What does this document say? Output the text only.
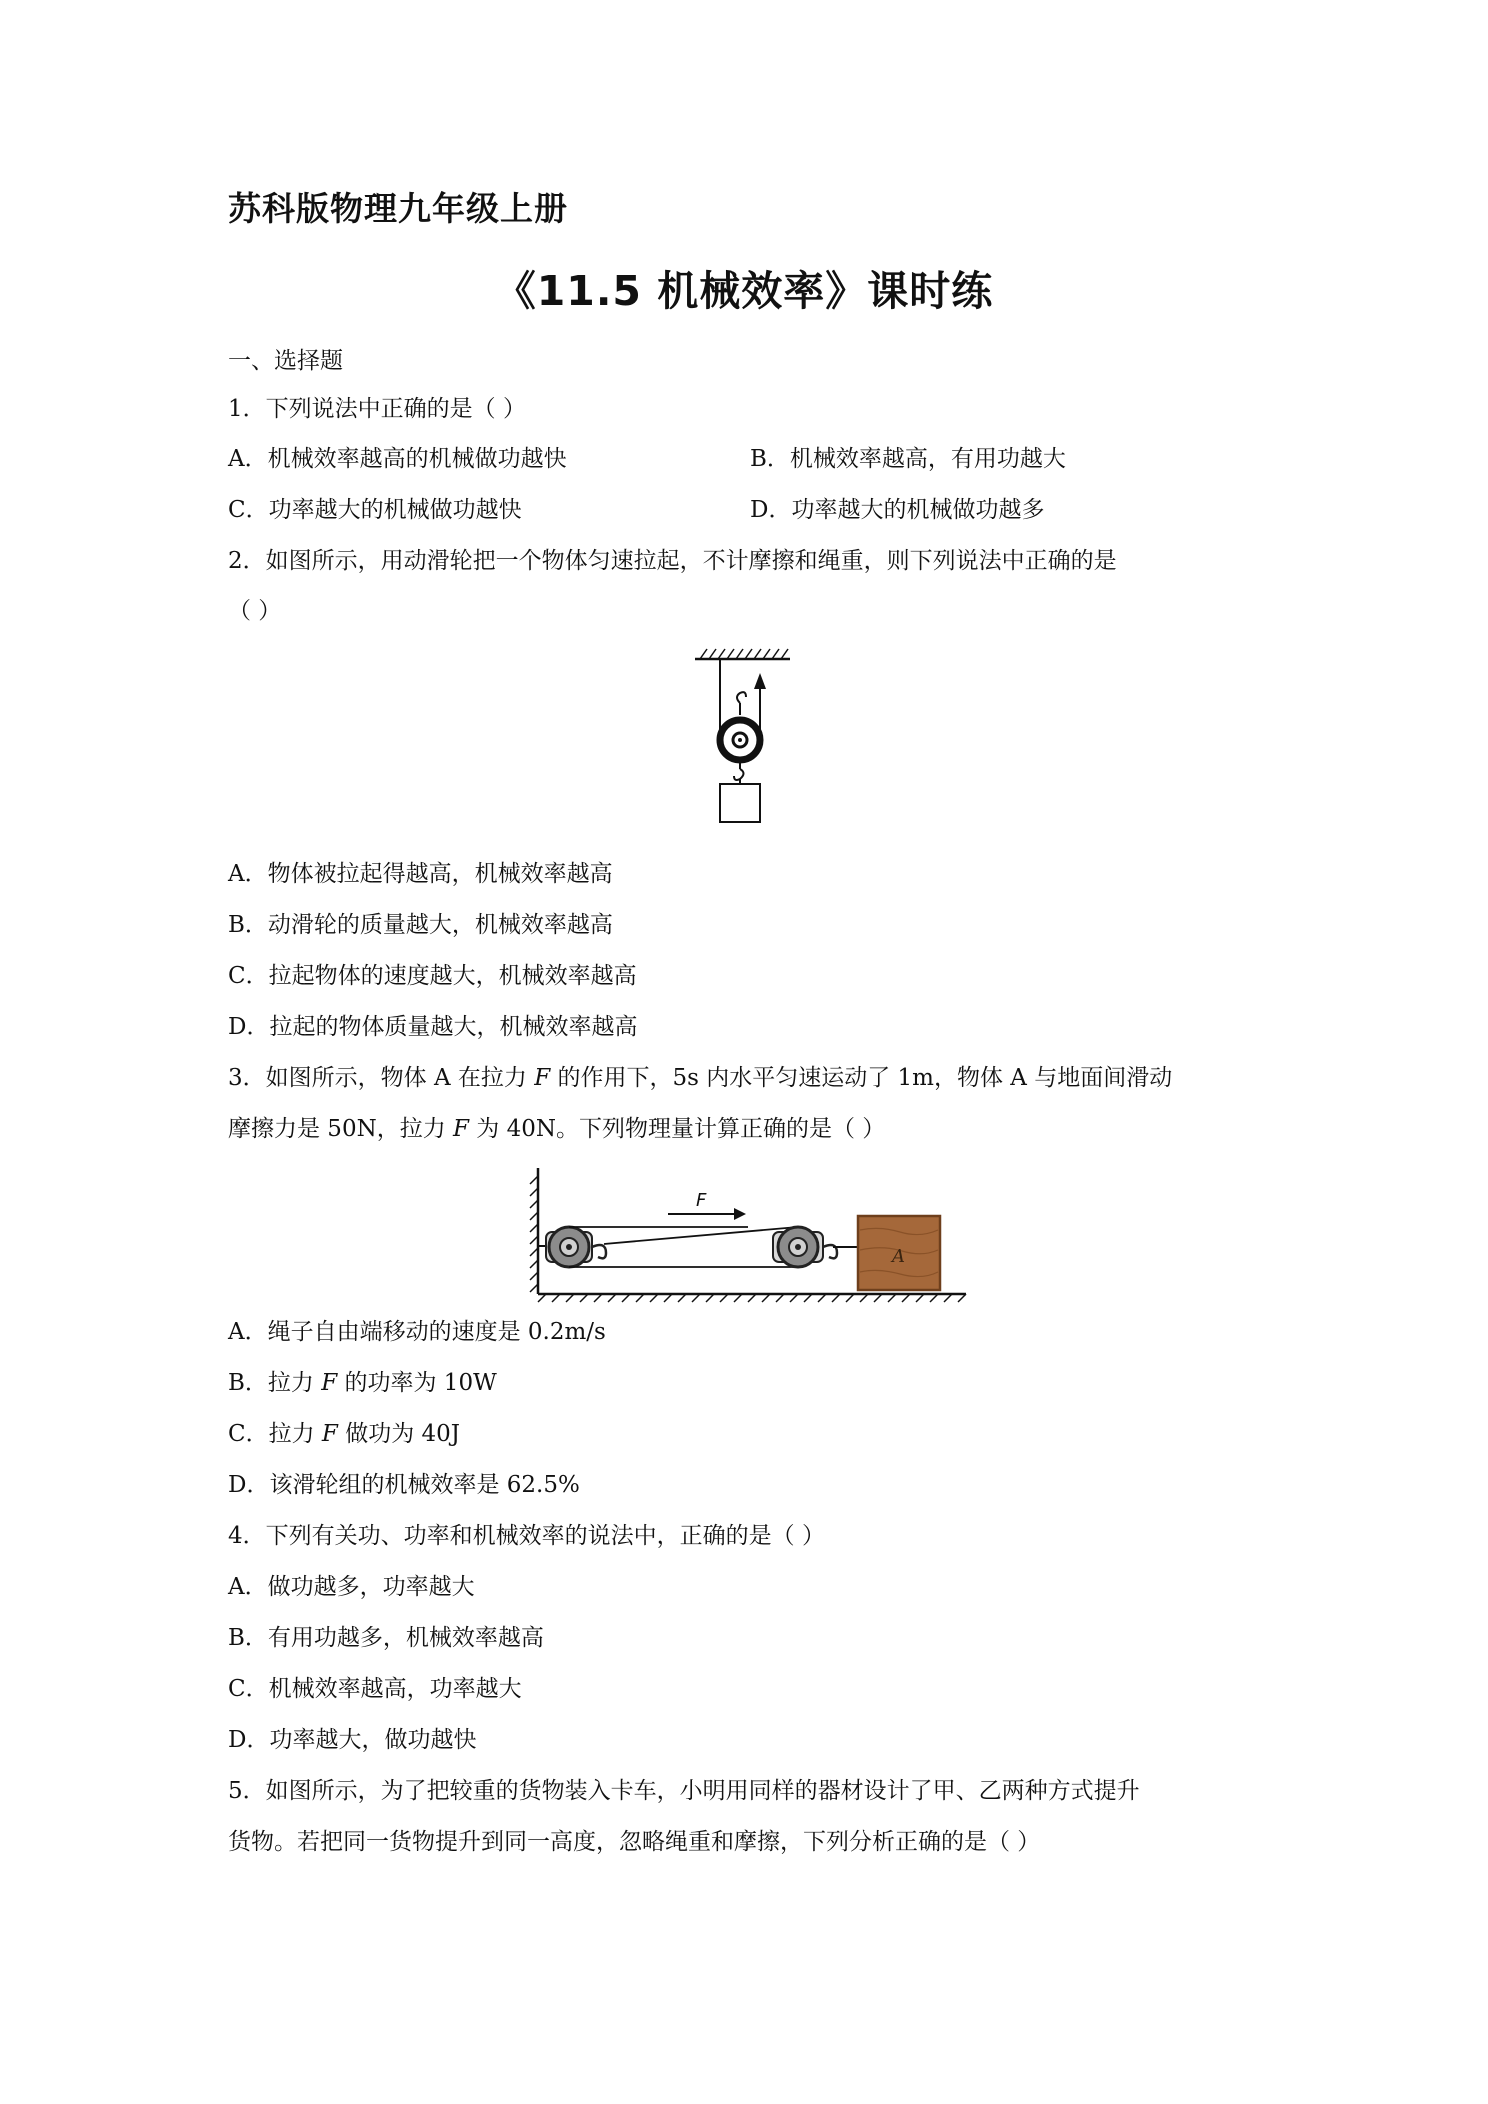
苏科版物理九年级上册
《11.5 机械效率》课时练
一、选择题
1．下列说法中正确的是（ ）
A．机械效率越高的机械做功越快	B．机械效率越高，有用功越大
C．功率越大的机械做功越快	D．功率越大的机械做功越多
2．如图所示，用动滑轮把一个物体匀速拉起，不计摩擦和绳重，则下列说法中正确的是
（ ）
A．物体被拉起得越高，机械效率越高
B．动滑轮的质量越大，机械效率越高
C．拉起物体的速度越大，机械效率越高
D．拉起的物体质量越大，机械效率越高
3．如图所示，物体 A 在拉力 F 的作用下，5s 内水平匀速运动了 1m，物体 A 与地面间滑动
摩擦力是 50N，拉力 F 为 40N。下列物理量计算正确的是（ ）
F
A
A．绳子自由端移动的速度是 0.2m/s
B．拉力 F 的功率为 10W
C．拉力 F 做功为 40J
D．该滑轮组的机械效率是 62.5%
4．下列有关功、功率和机械效率的说法中，正确的是（ ）
A．做功越多，功率越大
B．有用功越多，机械效率越高
C．机械效率越高，功率越大
D．功率越大，做功越快
5．如图所示，为了把较重的货物装入卡车，小明用同样的器材设计了甲、乙两种方式提升
货物。若把同一货物提升到同一高度，忽略绳重和摩擦，下列分析正确的是（ ）
